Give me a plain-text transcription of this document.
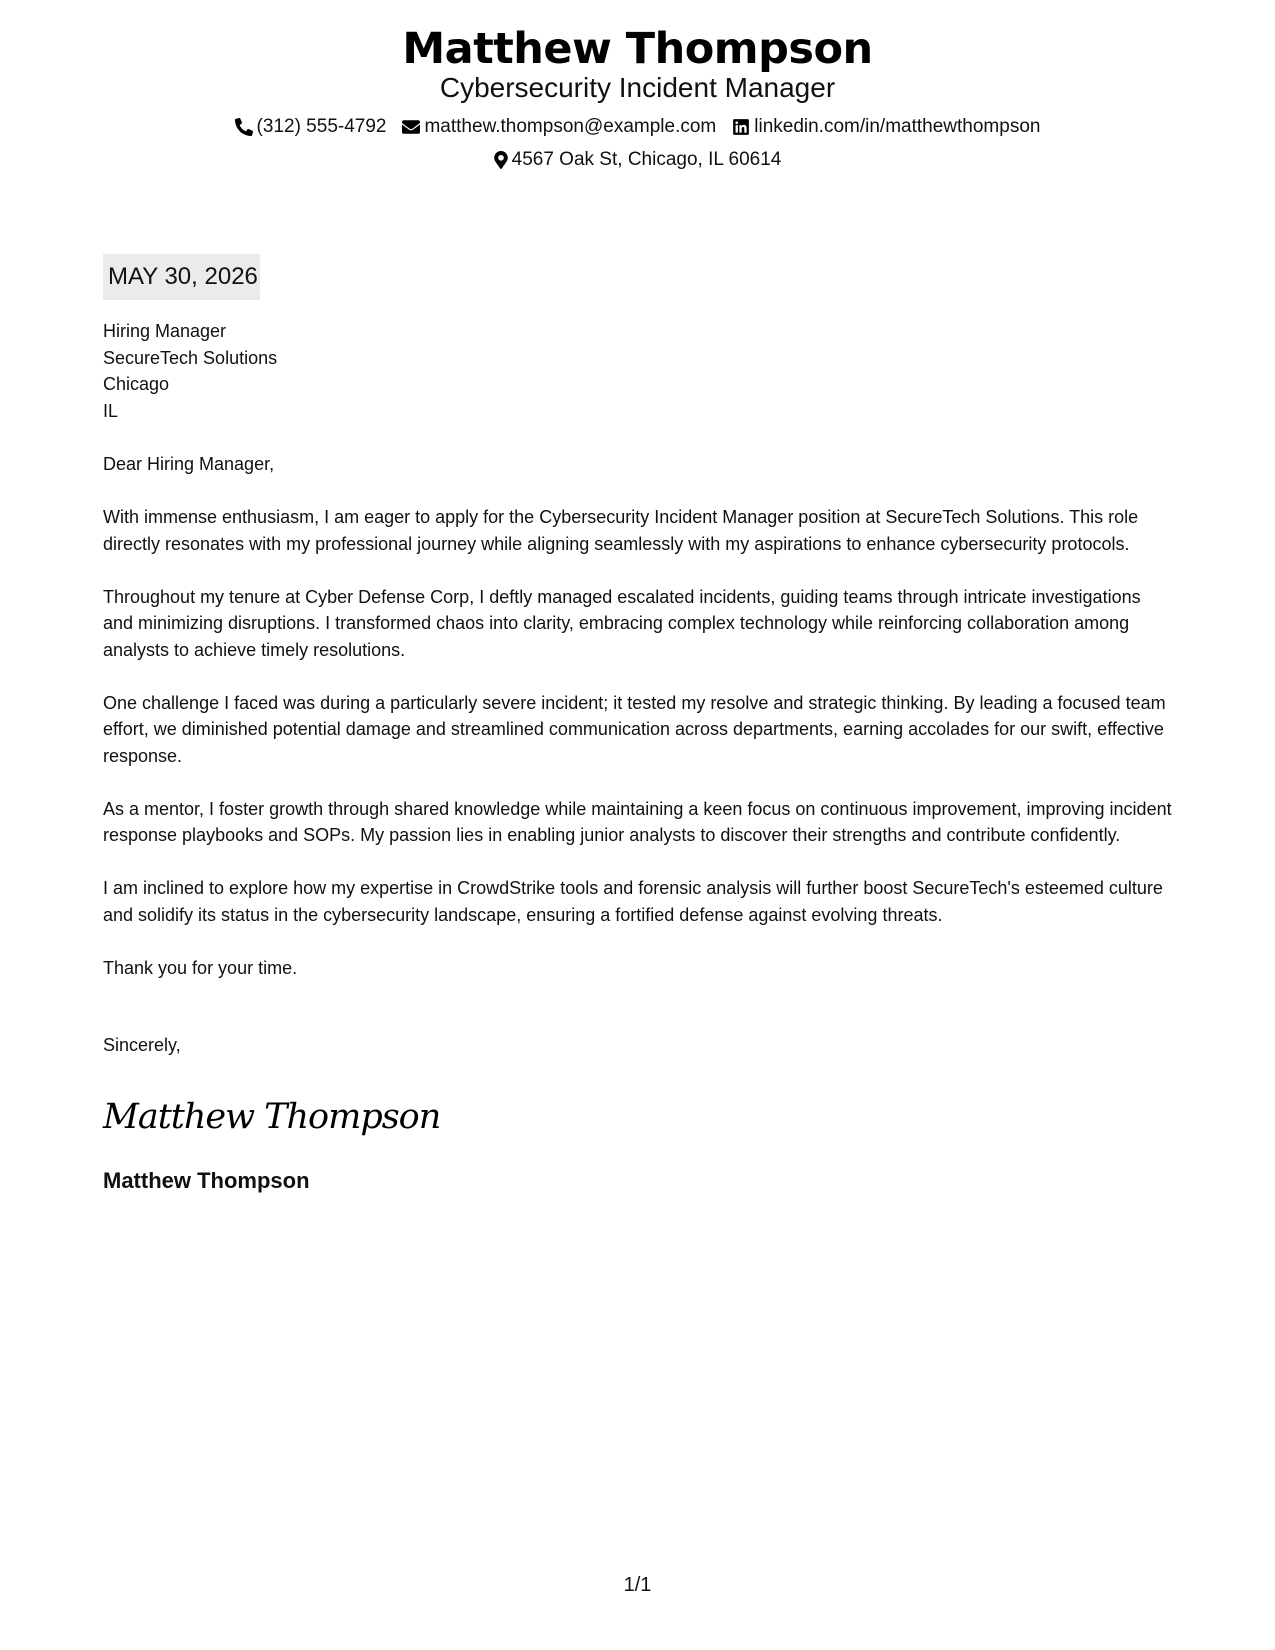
Matthew Thompson
Cybersecurity Incident Manager
(312) 555-4792 matthew.thompson@example.com linkedin.com/in/matthewthompson
4567 Oak St, Chicago, IL 60614
MAY 30, 2026
Hiring Manager
SecureTech Solutions
Chicago
IL
Dear Hiring Manager,
With immense enthusiasm, I am eager to apply for the Cybersecurity Incident Manager position at SecureTech Solutions. This role directly resonates with my professional journey while aligning seamlessly with my aspirations to enhance cybersecurity protocols.
Throughout my tenure at Cyber Defense Corp, I deftly managed escalated incidents, guiding teams through intricate investigations and minimizing disruptions. I transformed chaos into clarity, embracing complex technology while reinforcing collaboration among analysts to achieve timely resolutions.
One challenge I faced was during a particularly severe incident; it tested my resolve and strategic thinking. By leading a focused team effort, we diminished potential damage and streamlined communication across departments, earning accolades for our swift, effective response.
As a mentor, I foster growth through shared knowledge while maintaining a keen focus on continuous improvement, improving incident response playbooks and SOPs. My passion lies in enabling junior analysts to discover their strengths and contribute confidently.
I am inclined to explore how my expertise in CrowdStrike tools and forensic analysis will further boost SecureTech's esteemed culture and solidify its status in the cybersecurity landscape, ensuring a fortified defense against evolving threats.
Thank you for your time.
Sincerely,
Matthew Thompson
Matthew Thompson
1/1
